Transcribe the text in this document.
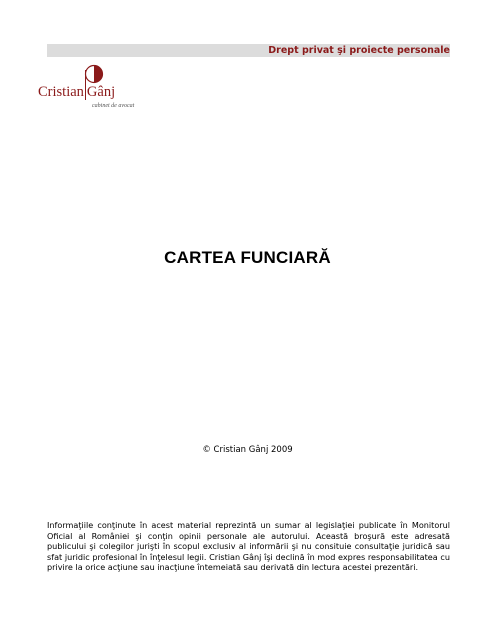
Drept privat şi proiecte personale
Cristian Gânj
cabinet de avocat
CARTEA FUNCIARĂ
© Cristian Gânj 2009
Informaţiile conţinute în acest material reprezintă un sumar al legislaţiei publicate în Monitorul Oficial al României şi conţin opinii personale ale autorului. Această broşură este adresată publicului şi colegilor jurişti în scopul exclusiv al informării şi nu consituie consultaţie juridică sau sfat juridic profesional în înţelesul legii. Cristian Gânj îşi declină în mod expres responsabilitatea cu privire la orice acţiune sau inacţiune întemeiată sau derivată din lectura acestei prezentări.
